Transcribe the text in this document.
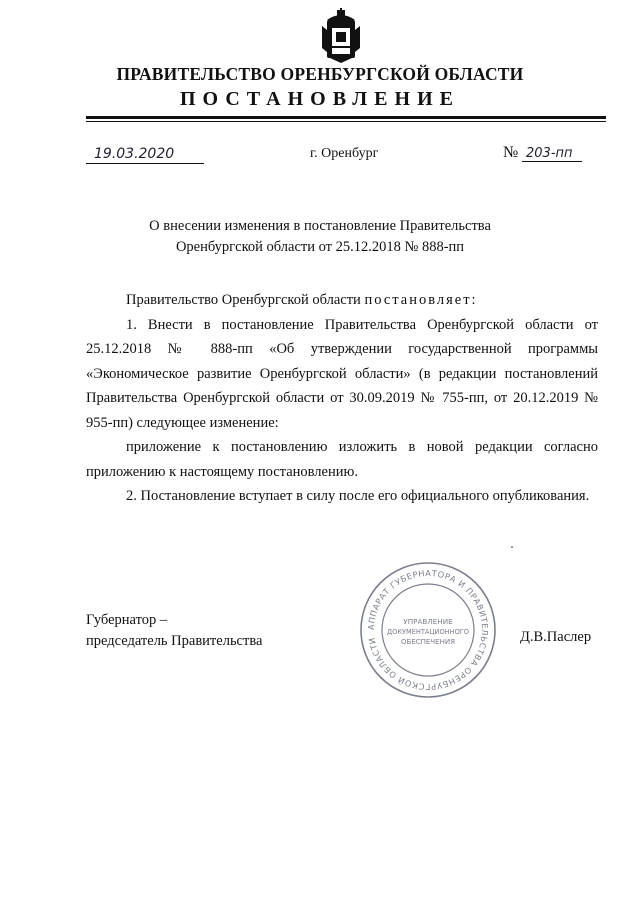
ПРАВИТЕЛЬСТВО ОРЕНБУРГСКОЙ ОБЛАСТИ
ПОСТАНОВЛЕНИЕ
19.03.2020	г. Оренбург	№ 203-пп
О внесении изменения в постановление Правительства
Оренбургской области от 25.12.2018 № 888-пп

Правительство Оренбургской области постановляет:

1. Внести в постановление Правительства Оренбургской области от 25.12.2018 № 888-пп «Об утверждении государственной программы «Экономическое развитие Оренбургской области» (в редакции постановлений Правительства Оренбургской области от 30.09.2019 № 755-пп, от 20.12.2019 № 955-пп) следующее изменение:

приложение к постановлению изложить в новой редакции согласно приложению к настоящему постановлению.

2. Постановление вступает в силу после его официального опубликования.

Губернатор –
председатель Правительства
АППАРАТ ГУБЕРНАТОРА И ПРАВИТЕЛЬСТВА ОРЕНБУРГСКОЙ ОБЛАСТИ
УПРАВЛЕНИЕ
ДОКУМЕНТАЦИОННОГО
ОБЕСПЕЧЕНИЯ	Д.В.Паслер
